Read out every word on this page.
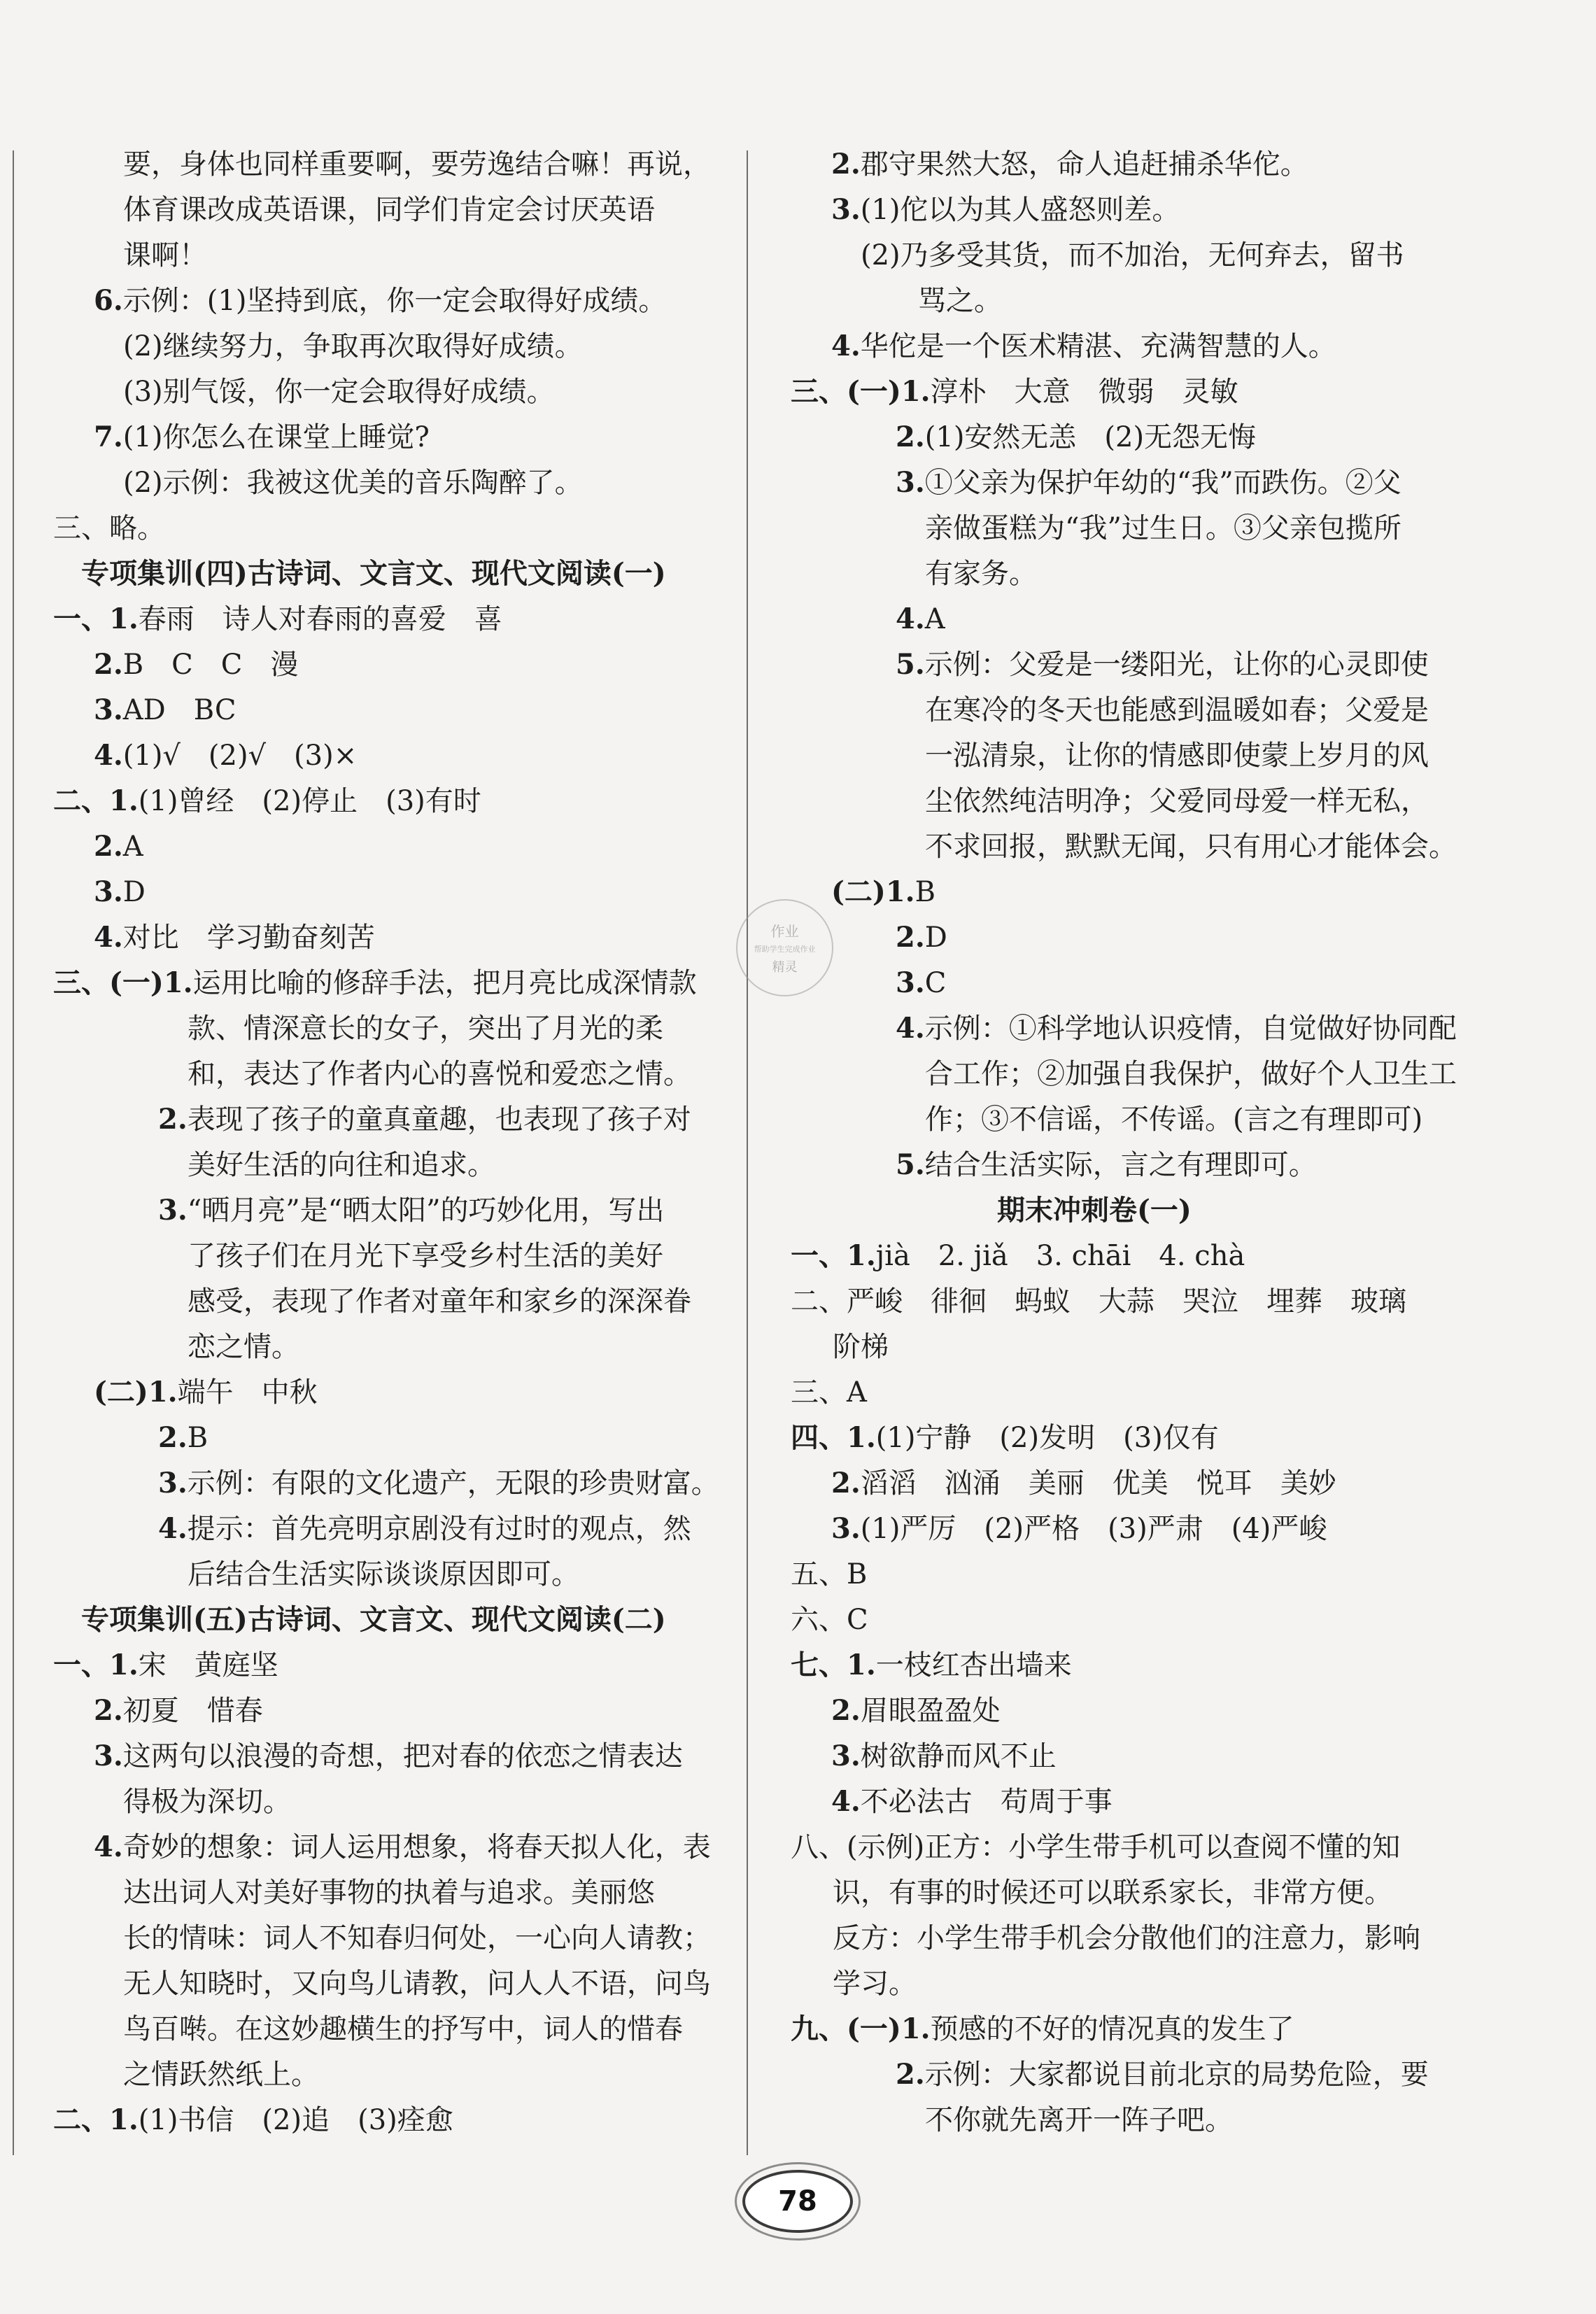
要，身体也同样重要啊，要劳逸结合嘛！再说，
体育课改成英语课，同学们肯定会讨厌英语
课啊！
6.示例：(1)坚持到底，你一定会取得好成绩。
(2)继续努力，争取再次取得好成绩。
(3)别气馁，你一定会取得好成绩。
7.(1)你怎么在课堂上睡觉?
(2)示例：我被这优美的音乐陶醉了。
三、略。
专项集训(四)古诗词、文言文、现代文阅读(一)
一、1.春雨　诗人对春雨的喜爱　喜
2.B　C　C　漫
3.AD　BC
4.(1)√　(2)√　(3)×
二、1.(1)曾经　(2)停止　(3)有时
2.A
3.D
4.对比　学习勤奋刻苦
三、(一)1.运用比喻的修辞手法，把月亮比成深情款
款、情深意长的女子，突出了月光的柔
和，表达了作者内心的喜悦和爱恋之情。
2.表现了孩子的童真童趣，也表现了孩子对
美好生活的向往和追求。
3.“晒月亮”是“晒太阳”的巧妙化用，写出
了孩子们在月光下享受乡村生活的美好
感受，表现了作者对童年和家乡的深深眷
恋之情。
(二)1.端午　中秋
2.B
3.示例：有限的文化遗产，无限的珍贵财富。
4.提示：首先亮明京剧没有过时的观点，然
后结合生活实际谈谈原因即可。
专项集训(五)古诗词、文言文、现代文阅读(二)
一、1.宋　黄庭坚
2.初夏　惜春
3.这两句以浪漫的奇想，把对春的依恋之情表达
得极为深切。
4.奇妙的想象：词人运用想象，将春天拟人化，表
达出词人对美好事物的执着与追求。美丽悠
长的情味：词人不知春归何处，一心向人请教；
无人知晓时，又向鸟儿请教，问人人不语，问鸟
鸟百啭。在这妙趣横生的抒写中，词人的惜春
之情跃然纸上。
二、1.(1)书信　(2)追　(3)痊愈
2.郡守果然大怒，命人追赶捕杀华佗。
3.(1)佗以为其人盛怒则差。
(2)乃多受其货，而不加治，无何弃去，留书
骂之。
4.华佗是一个医术精湛、充满智慧的人。
三、(一)1.淳朴　大意　微弱　灵敏
2.(1)安然无恙　(2)无怨无悔
3.①父亲为保护年幼的“我”而跌伤。②父
亲做蛋糕为“我”过生日。③父亲包揽所
有家务。
4.A
5.示例：父爱是一缕阳光，让你的心灵即使
在寒冷的冬天也能感到温暖如春；父爱是
一泓清泉，让你的情感即使蒙上岁月的风
尘依然纯洁明净；父爱同母爱一样无私，
不求回报，默默无闻，只有用心才能体会。
(二)1.B
2.D
3.C
4.示例：①科学地认识疫情，自觉做好协同配
合工作；②加强自我保护，做好个人卫生工
作；③不信谣，不传谣。(言之有理即可)
5.结合生活实际，言之有理即可。
期末冲刺卷(一)
一、1.jià　2. jiǎ　3. chāi　4. chà
二、严峻　徘徊　蚂蚁　大蒜　哭泣　埋葬　玻璃
阶梯
三、A
四、1.(1)宁静　(2)发明　(3)仅有
2.滔滔　汹涌　美丽　优美　悦耳　美妙
3.(1)严厉　(2)严格　(3)严肃　(4)严峻
五、B
六、C
七、1.一枝红杏出墙来
2.眉眼盈盈处
3.树欲静而风不止
4.不必法古　苟周于事
八、(示例)正方：小学生带手机可以查阅不懂的知
识，有事的时候还可以联系家长，非常方便。
反方：小学生带手机会分散他们的注意力，影响
学习。
九、(一)1.预感的不好的情况真的发生了
2.示例：大家都说目前北京的局势危险，要
不你就先离开一阵子吧。
作业
帮助学生完成作业
精灵
78
